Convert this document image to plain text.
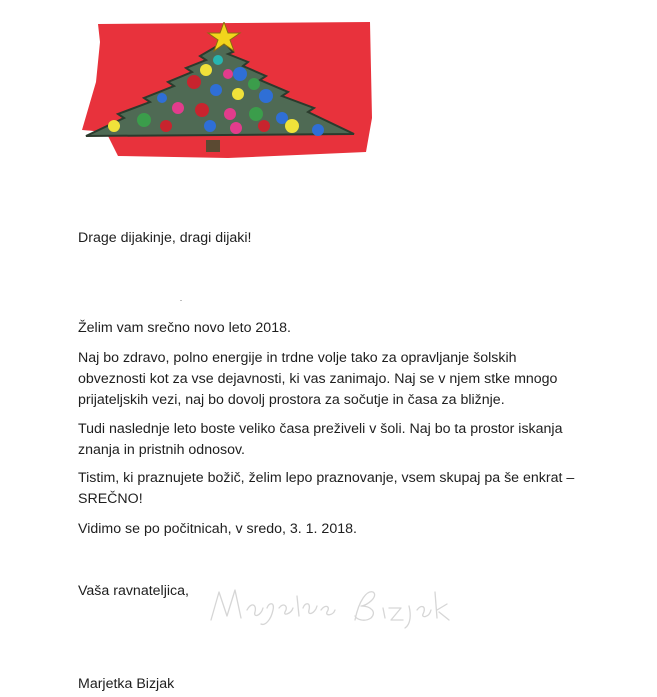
Drage dijakinje, dragi dijaki!
Želim vam srečno novo leto 2018.
Naj bo zdravo, polno energije in trdne volje tako za opravljanje šolskih
obveznosti kot za vse dejavnosti, ki vas zanimajo. Naj se v njem stke mnogo
prijateljskih vezi, naj bo dovolj prostora za sočutje in časa za bližnje.
Tudi naslednje leto boste veliko časa preživeli v šoli. Naj bo ta prostor iskanja
znanja in pristnih odnosov.
Tistim, ki praznujete božič, želim lepo praznovanje, vsem skupaj pa še enkrat –
SREČNO!
Vidimo se po počitnicah, v sredo, 3. 1. 2018.
Vaša ravnateljica,
Marjetka Bizjak
